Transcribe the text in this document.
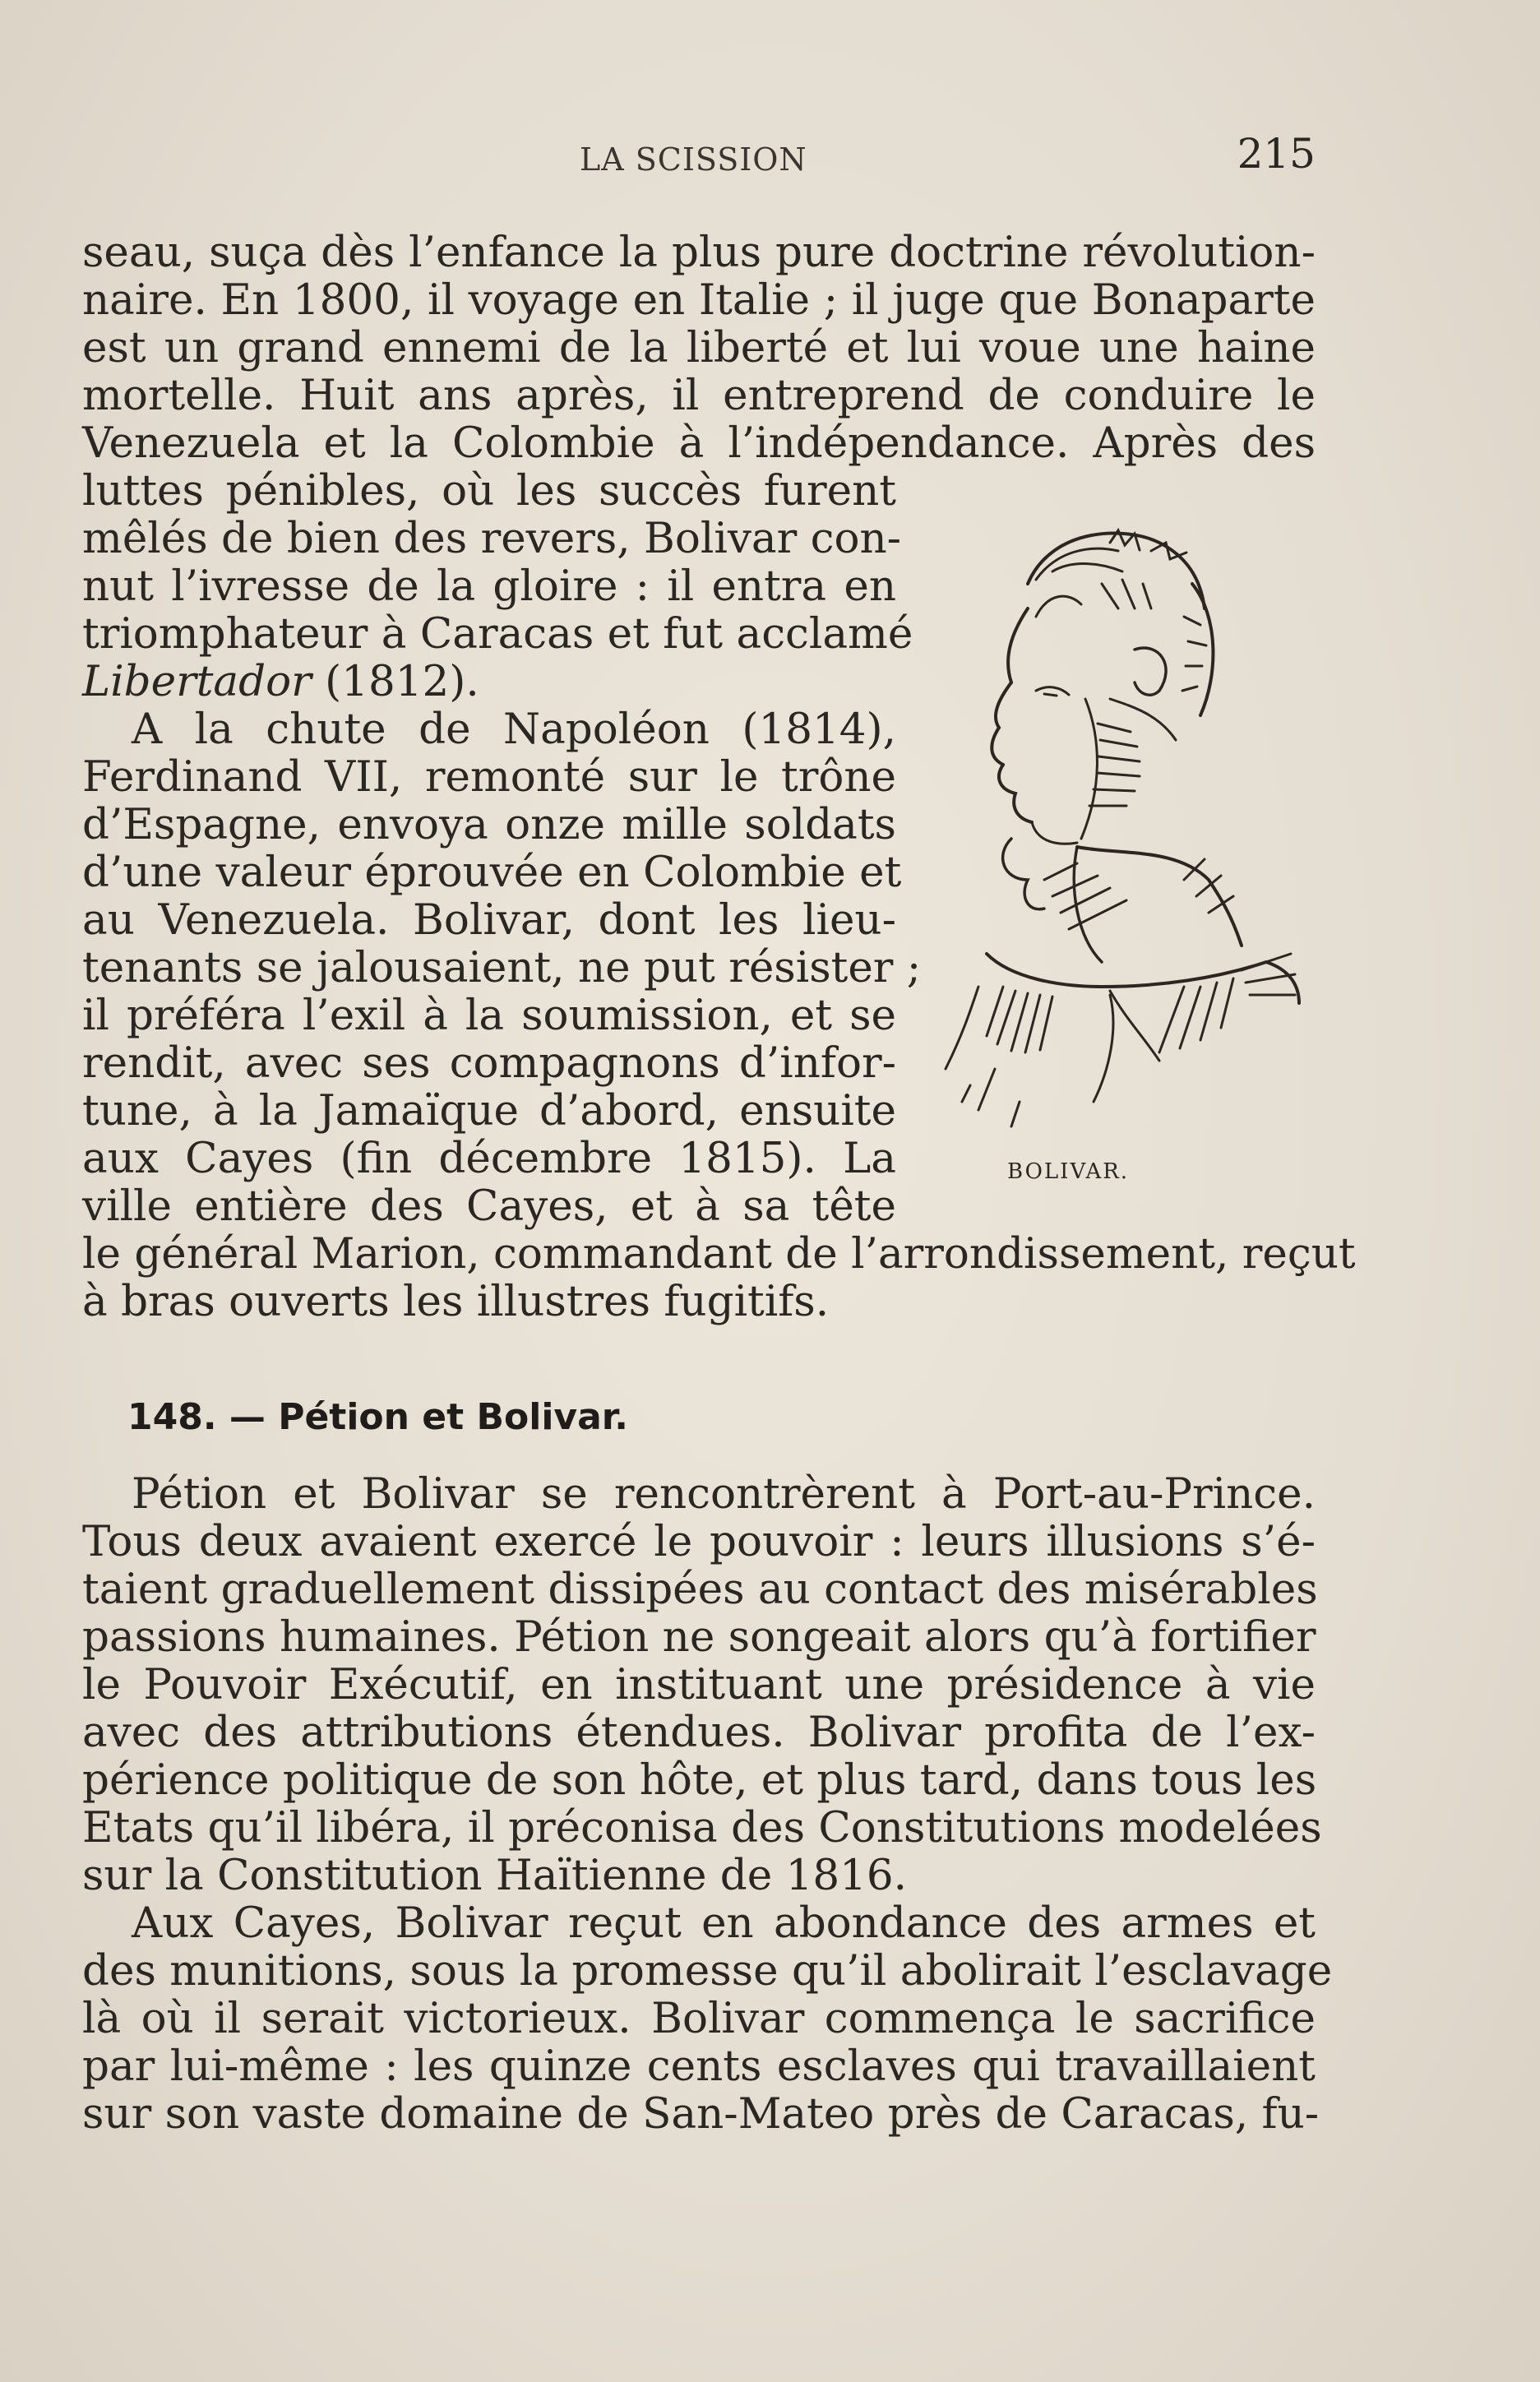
LA SCISSION	215
seau, suça dès l’enfance la plus pure doctrine révolution-
naire. En 1800, il voyage en Italie ; il juge que Bonaparte
est un grand ennemi de la liberté et lui voue une haine
mortelle. Huit ans après, il entreprend de conduire le
Venezuela et la Colombie à l’indépendance. Après des
luttes pénibles, où les succès furent
mêlés de bien des revers, Bolivar con-
nut l’ivresse de la gloire : il entra en
triomphateur à Caracas et fut acclamé
Libertador (1812).
A la chute de Napoléon (1814),
Ferdinand VII, remonté sur le trône
d’Espagne, envoya onze mille soldats
d’une valeur éprouvée en Colombie et
au Venezuela. Bolivar, dont les lieu-
tenants se jalousaient, ne put résister ;
il préféra l’exil à la soumission, et se
rendit, avec ses compagnons d’infor-
tune, à la Jamaïque d’abord, ensuite
aux Cayes (fin décembre 1815). La
ville entière des Cayes, et à sa tête
le général Marion, commandant de l’arrondissement, reçut
à bras ouverts les illustres fugitifs.
BOLIVAR.
148. — Pétion et Bolivar.
Pétion et Bolivar se rencontrèrent à Port-au-Prince.
Tous deux avaient exercé le pouvoir : leurs illusions s’é-
taient graduellement dissipées au contact des misérables
passions humaines. Pétion ne songeait alors qu’à fortifier
le Pouvoir Exécutif, en instituant une présidence à vie
avec des attributions étendues. Bolivar profita de l’ex-
périence politique de son hôte, et plus tard, dans tous les
Etats qu’il libéra, il préconisa des Constitutions modelées
sur la Constitution Haïtienne de 1816.
Aux Cayes, Bolivar reçut en abondance des armes et
des munitions, sous la promesse qu’il abolirait l’esclavage
là où il serait victorieux. Bolivar commença le sacrifice
par lui-même : les quinze cents esclaves qui travaillaient
sur son vaste domaine de San-Mateo près de Caracas, fu-
